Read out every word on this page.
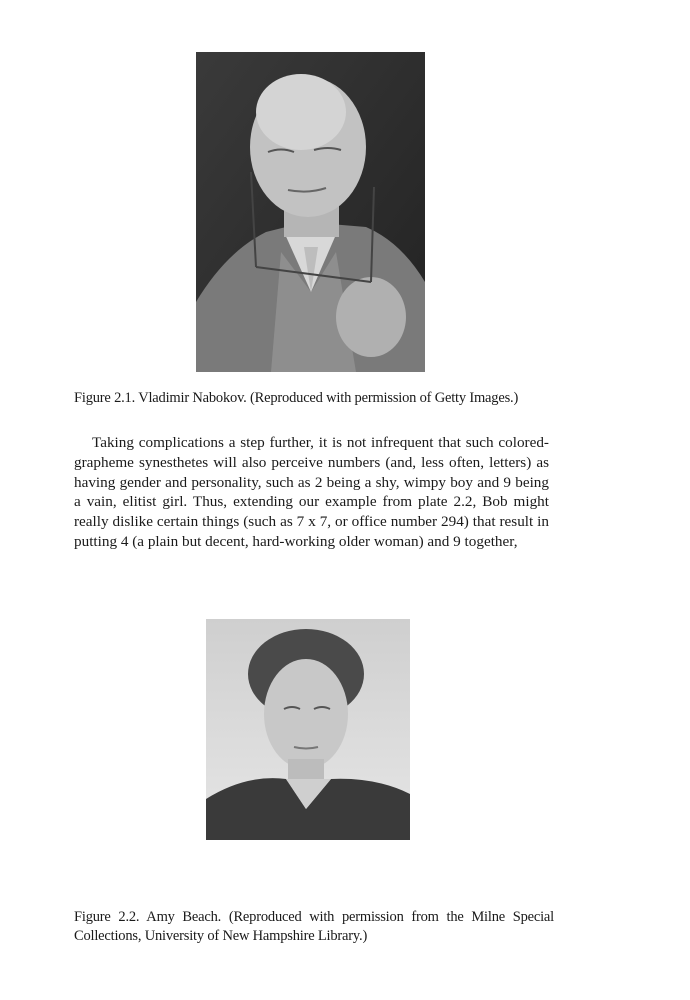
Figure 2.1. Vladimir Nabokov. (Reproduced with permission of Getty Images.)

Taking complications a step further, it is not infrequent that such colored-grapheme synesthetes will also perceive numbers (and, less often, letters) as having gender and personality, such as 2 being a shy, wimpy boy and 9 being a vain, elitist girl. Thus, extending our example from plate 2.2, Bob might really dislike certain things (such as 7 x 7, or office number 294) that result in putting 4 (a plain but decent, hard-working older woman) and 9 together,

Figure 2.2. Amy Beach. (Reproduced with permission from the Milne Special Collections, University of New Hampshire Library.)
